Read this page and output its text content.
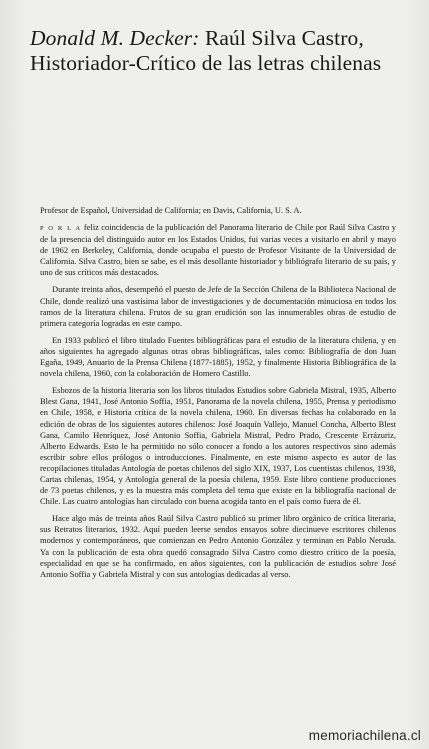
Donald M. Decker: Raúl Silva Castro,
Historiador-Crítico de las letras chilenas
Profesor de Español, Universidad de California; en Davis, California, U. S. A.

P O R L A feliz coincidencia de la publicación del Panorama literario de Chile por Raúl Silva Castro y de la presencia del distinguido autor en los Estados Unidos, fui varias veces a visitarlo en abril y mayo de 1962 en Berkeley, California, donde ocupaba el puesto de Profesor Visitante de la Universidad de California. Silva Castro, bien se sabe, es el más desollante historiador y bibliógrafo literario de su país, y uno de sus críticos más destacados.

Durante treinta años, desempeñó el puesto de Jefe de la Sección Chilena de la Biblioteca Nacional de Chile, donde realizó una vastísima labor de investigaciones y de documentación minuciosa en todos los ramos de la literatura chilena. Frutos de su gran erudición son las innumerables obras de estudio de primera categoría logradas en este campo.

En 1933 publicó el libro titulado Fuentes bibliográficas para el estudio de la literatura chilena, y en años siguientes ha agregado algunas otras obras bibliográficas, tales como: Bibliografía de don Juan Egaña, 1949, Anuario de la Prensa Chilena (1877-1885), 1952, y finalmente Historia Bibliográfica de la novela chilena, 1960, con la colaboración de Homero Castillo.

Esbozos de la historia literaria son los libros titulados Estudios sobre Gabriela Mistral, 1935, Alberto Blest Gana, 1941, José Antonio Soffia, 1951, Panorama de la novela chilena, 1955, Prensa y periodismo en Chile, 1958, e Historia crítica de la novela chilena, 1960. En diversas fechas ha colaborado en la edición de obras de los siguientes autores chilenos: José Joaquín Vallejo, Manuel Concha, Alberto Blest Gana, Camilo Henríquez, José Antonio Soffia, Gabriela Mistral, Pedro Prado, Crescente Errázuriz, Alberto Edwards. Esto le ha permitido no sólo conocer a fondo a los autores respectivos sino además escribir sobre ellos prólogos o introducciones. Finalmente, en este mismo aspecto es autor de las recopilaciones tituladas Antología de poetas chilenos del siglo XIX, 1937, Los cuentistas chilenos, 1938, Cartas chilenas, 1954, y Antología general de la poesía chilena, 1959. Este libro contiene producciones de 73 poetas chilenos, y es la muestra más completa del tema que existe en la bibliografía nacional de Chile. Las cuatro antologías han circulado con buena acogida tanto en el país como fuera de él.

Hace algo más de treinta años Raúl Silva Castro publicó su primer libro orgánico de crítica literaria, sus Retratos literarios, 1932. Aquí pueden leerse sendos ensayos sobre diecinueve escritores chilenos modernos y contemporáneos, que comienzan en Pedro Antonio González y terminan en Pablo Neruda. Ya con la publicación de esta obra quedó consagrado Silva Castro como diestro crítico de la poesía, especialidad en que se ha confirmado, en años siguientes, con la publicación de estudios sobre José Antonio Soffia y Gabriela Mistral y con sus antologías dedicadas al verso.

memoriachilena.cl
